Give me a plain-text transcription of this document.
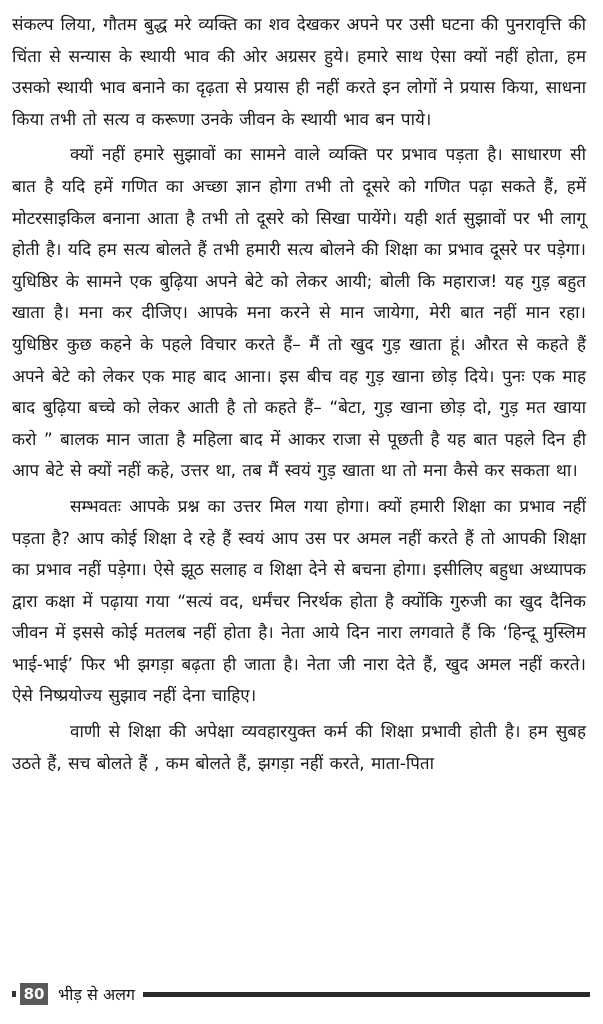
संकल्प लिया, गौतम बुद्ध मरे व्यक्ति का शव देखकर अपने पर उसी घटना की पुनरावृत्ति की चिंता से सन्यास के स्थायी भाव की ओर अग्रसर हुये। हमारे साथ ऐसा क्यों नहीं होता, हम उसको स्थायी भाव बनाने का दृढ़ता से प्रयास ही नहीं करते इन लोगों ने प्रयास किया, साधना किया तभी तो सत्य व करूणा उनके जीवन के स्थायी भाव बन पाये।

क्यों नहीं हमारे सुझावों का सामने वाले व्यक्ति पर प्रभाव पड़ता है। साधारण सी बात है यदि हमें गणित का अच्छा ज्ञान होगा तभी तो दूसरे को गणित पढ़ा सकते हैं, हमें मोटरसाइकिल बनाना आता है तभी तो दूसरे को सिखा पायेंगे। यही शर्त सुझावों पर भी लागू होती है। यदि हम सत्य बोलते हैं तभी हमारी सत्य बोलने की शिक्षा का प्रभाव दूसरे पर पड़ेगा। युधिष्ठिर के सामने एक बुढ़िया अपने बेटे को लेकर आयी; बोली कि महाराज! यह गुड़ बहुत खाता है। मना कर दीजिए। आपके मना करने से मान जायेगा, मेरी बात नहीं मान रहा। युधिष्ठिर कुछ कहने के पहले विचार करते हैं– मैं तो खुद गुड़ खाता हूं। औरत से कहते हैं अपने बेटे को लेकर एक माह बाद आना। इस बीच वह गुड़ खाना छोड़ दिये। पुनः एक माह बाद बुढ़िया बच्चे को लेकर आती है तो कहते हैं– “बेटा, गुड़ खाना छोड़ दो, गुड़ मत खाया करो ” बालक मान जाता है महिला बाद में आकर राजा से पूछती है यह बात पहले दिन ही आप बेटे से क्यों नहीं कहे, उत्तर था, तब मैं स्वयं गुड़ खाता था तो मना कैसे कर सकता था।

सम्भवतः आपके प्रश्न का उत्तर मिल गया होगा। क्यों हमारी शिक्षा का प्रभाव नहीं पड़ता है? आप कोई शिक्षा दे रहे हैं स्वयं आप उस पर अमल नहीं करते हैं तो आपकी शिक्षा का प्रभाव नहीं पड़ेगा। ऐसे झूठ सलाह व शिक्षा देने से बचना होगा। इसीलिए बहुधा अध्यापक द्वारा कक्षा में पढ़ाया गया “सत्यं वद, धर्मंचर निरर्थक होता है क्योंकि गुरुजी का खुद दैनिक जीवन में इससे कोई मतलब नहीं होता है। नेता आये दिन नारा लगवाते हैं कि ‘हिन्दू मुस्लिम भाई-भाई’ फिर भी झगड़ा बढ़ता ही जाता है। नेता जी नारा देते हैं, खुद अमल नहीं करते। ऐसे निष्प्रयोज्य सुझाव नहीं देना चाहिए।

वाणी से शिक्षा की अपेक्षा व्यवहारयुक्त कर्म की शिक्षा प्रभावी होती है। हम सुबह उठते हैं, सच बोलते हैं , कम बोलते हैं, झगड़ा नहीं करते, माता-पिता

80 भीड़ से अलग
